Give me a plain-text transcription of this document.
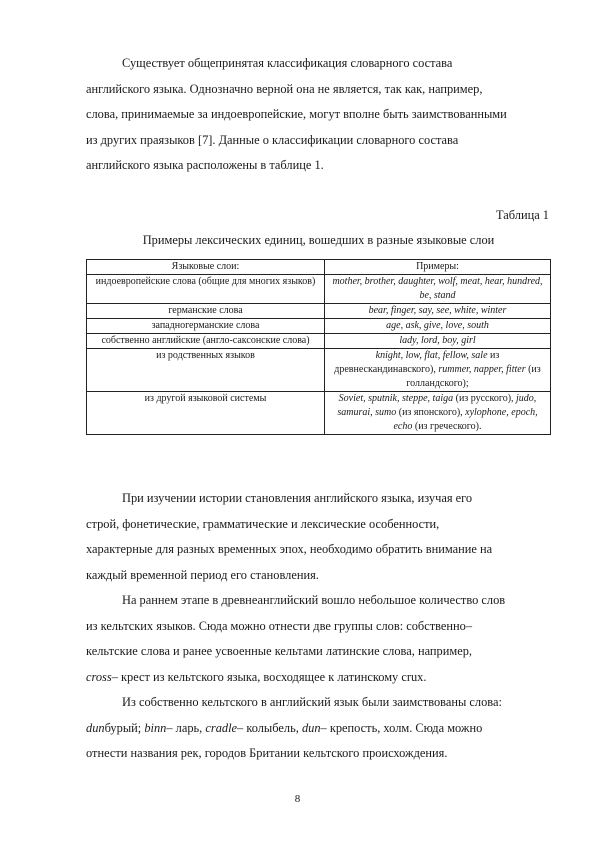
Существует общепринятая классификация словарного состава
английского языка. Однозначно верной она не является, так как, например,
слова, принимаемые за индоевропейские, могут вполне быть заимствованными
из других праязыков [7]. Данные о классификации словарного состава
английского языка расположены в таблице 1.

Таблица 1

Примеры лексических единиц, вошедших в разные языковые слои

Языковые слои:	Примеры:
индоевропейские слова (общие для многих языков)	mother, brother, daughter, wolf, meat, hear, hundred, be, stand
германские слова	bear, finger, say, see, white, winter
западногерманские слова	age, ask, give, love, south
собственно английские (англо-саксонские слова)	lady, lord, boy, girl
из родственных языков	knight, low, flat, fellow, sale из древнескандинавского), rummer, napper, fitter (из голландского);
из другой языковой системы	Soviet, sputnik, steppe, taiga (из русского), judo, samurai, sumo (из японского), xylophone, epoch, echo (из греческого).
При изучении истории становления английского языка, изучая его
строй, фонетические, грамматические и лексические особенности,
характерные для разных временных эпох, необходимо обратить внимание на
каждый временной период его становления.
На раннем этапе в древнеанглийский вошло небольшое количество слов
из кельтских языков. Сюда можно отнести две группы слов: собственно–
кельтские слова и ранее усвоенные кельтами латинские слова, например,
cross– крест из кельтского языка, восходящее к латинскому crux.
Из собственно кельтского в английский язык были заимствованы слова:
dunбурый; binn– ларь, cradle– колыбель, dun– крепость, холм. Сюда можно
отнести названия рек, городов Британии кельтского происхождения.

8
